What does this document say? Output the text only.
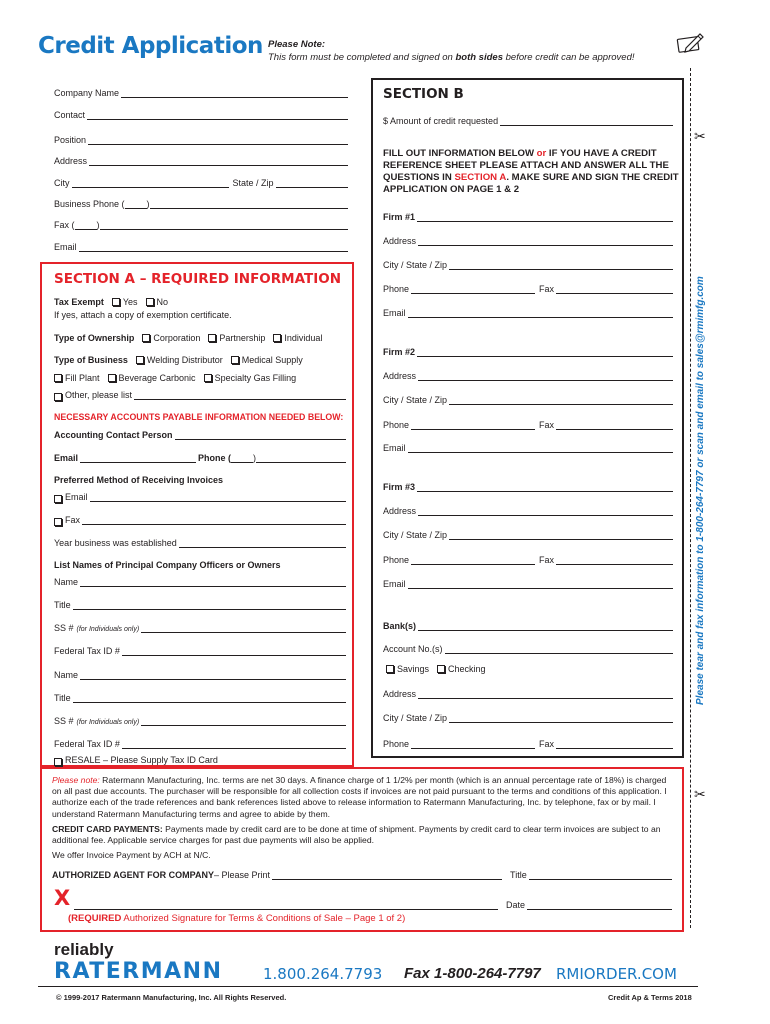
Credit Application Please Note:
This form must be completed and signed on both sides before credit can be approved!
Company Name
Contact
Position
Address
City	State / Zip
Business Phone ( )
Fax ( )
Email
SECTION A – REQUIRED INFORMATION
Tax Exempt	Yes	No
If yes, attach a copy of exemption certificate.
Type of Ownership	Corporation	Partnership	Individual
Type of Business	Welding Distributor	Medical Supply
Fill Plant	Beverage Carbonic	Specialty Gas Filling
Other, please list
NECESSARY ACCOUNTS PAYABLE INFORMATION NEEDED BELOW:
Accounting Contact Person
Email	Phone ( )
Preferred Method of Receiving Invoices
Email
Fax
Year business was established
List Names of Principal Company Officers or Owners
Name
Title
SS # (for Individuals only)
Federal Tax ID #
Name
Title
SS # (for Individuals only)
Federal Tax ID #
RESALE – Please Supply Tax ID Card
SECTION B
$ Amount of credit requested
FILL OUT INFORMATION BELOW or IF YOU HAVE A CREDIT REFERENCE SHEET PLEASE ATTACH AND ANSWER ALL THE QUESTIONS IN SECTION A. MAKE SURE AND SIGN THE CREDIT APPLICATION ON PAGE 1 & 2
Firm #1
Address
City / State / Zip
Phone	Fax
Email
Firm #2
Address
City / State / Zip
Phone	Fax
Email
Firm #3
Address
City / State / Zip
Phone	Fax
Email
Bank(s)
Account No.(s)
Savings	Checking
Address
City / State / Zip
Phone	Fax
✂
✂
Please tear and fax information to 1-800-264-7797 or scan and email to sales@rmimfg.com

Please note: Ratermann Manufacturing, Inc. terms are net 30 days. A finance charge of 1 1/2% per month (which is an annual percentage rate of 18%) is charged on all past due accounts. The purchaser will be responsible for all collection costs if invoices are not paid pursuant to the terms and conditions of this application. I authorize each of the trade references and bank references listed above to release information to Ratermann Manufacturing, Inc. by telephone, fax or by mail. I understand Ratermann Manufacturing terms and agree to abide by them.

CREDIT CARD PAYMENTS: Payments made by credit card are to be done at time of shipment. Payments by credit card to clear term invoices are subject to an additional fee. Applicable service charges for past due payments will also be applied.

We offer Invoice Payment by ACH at N/C.

AUTHORIZED AGENT FOR COMPANY – Please Print	Title
X	Date
(REQUIRED Authorized Signature for Terms & Conditions of Sale – Page 1 of 2)
reliably
RATERMANN	1.800.264.7793 Fax 1-800-264-7797 RMIORDER.COM
© 1999-2017 Ratermann Manufacturing, Inc. All Rights Reserved.	Credit Ap & Terms 2018
